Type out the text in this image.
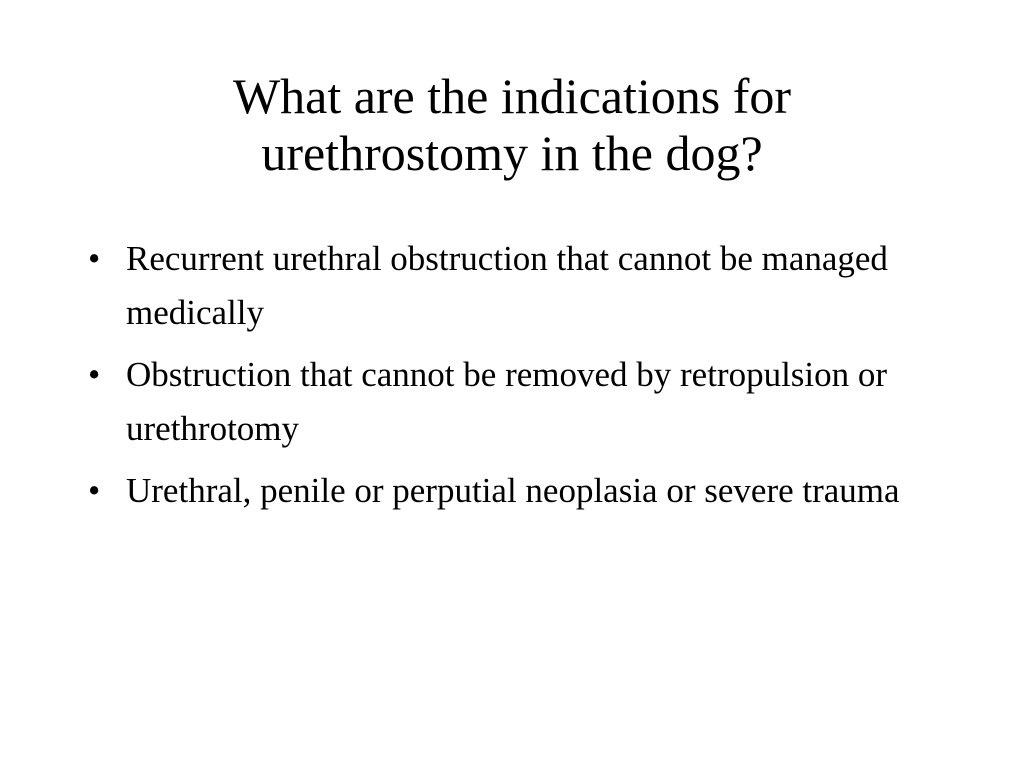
What are the indications for
urethrostomy in the dog?
• Recurrent urethral obstruction that cannot be managed medically
• Obstruction that cannot be removed by retropulsion or urethrotomy
• Urethral, penile or perputial neoplasia or severe trauma
